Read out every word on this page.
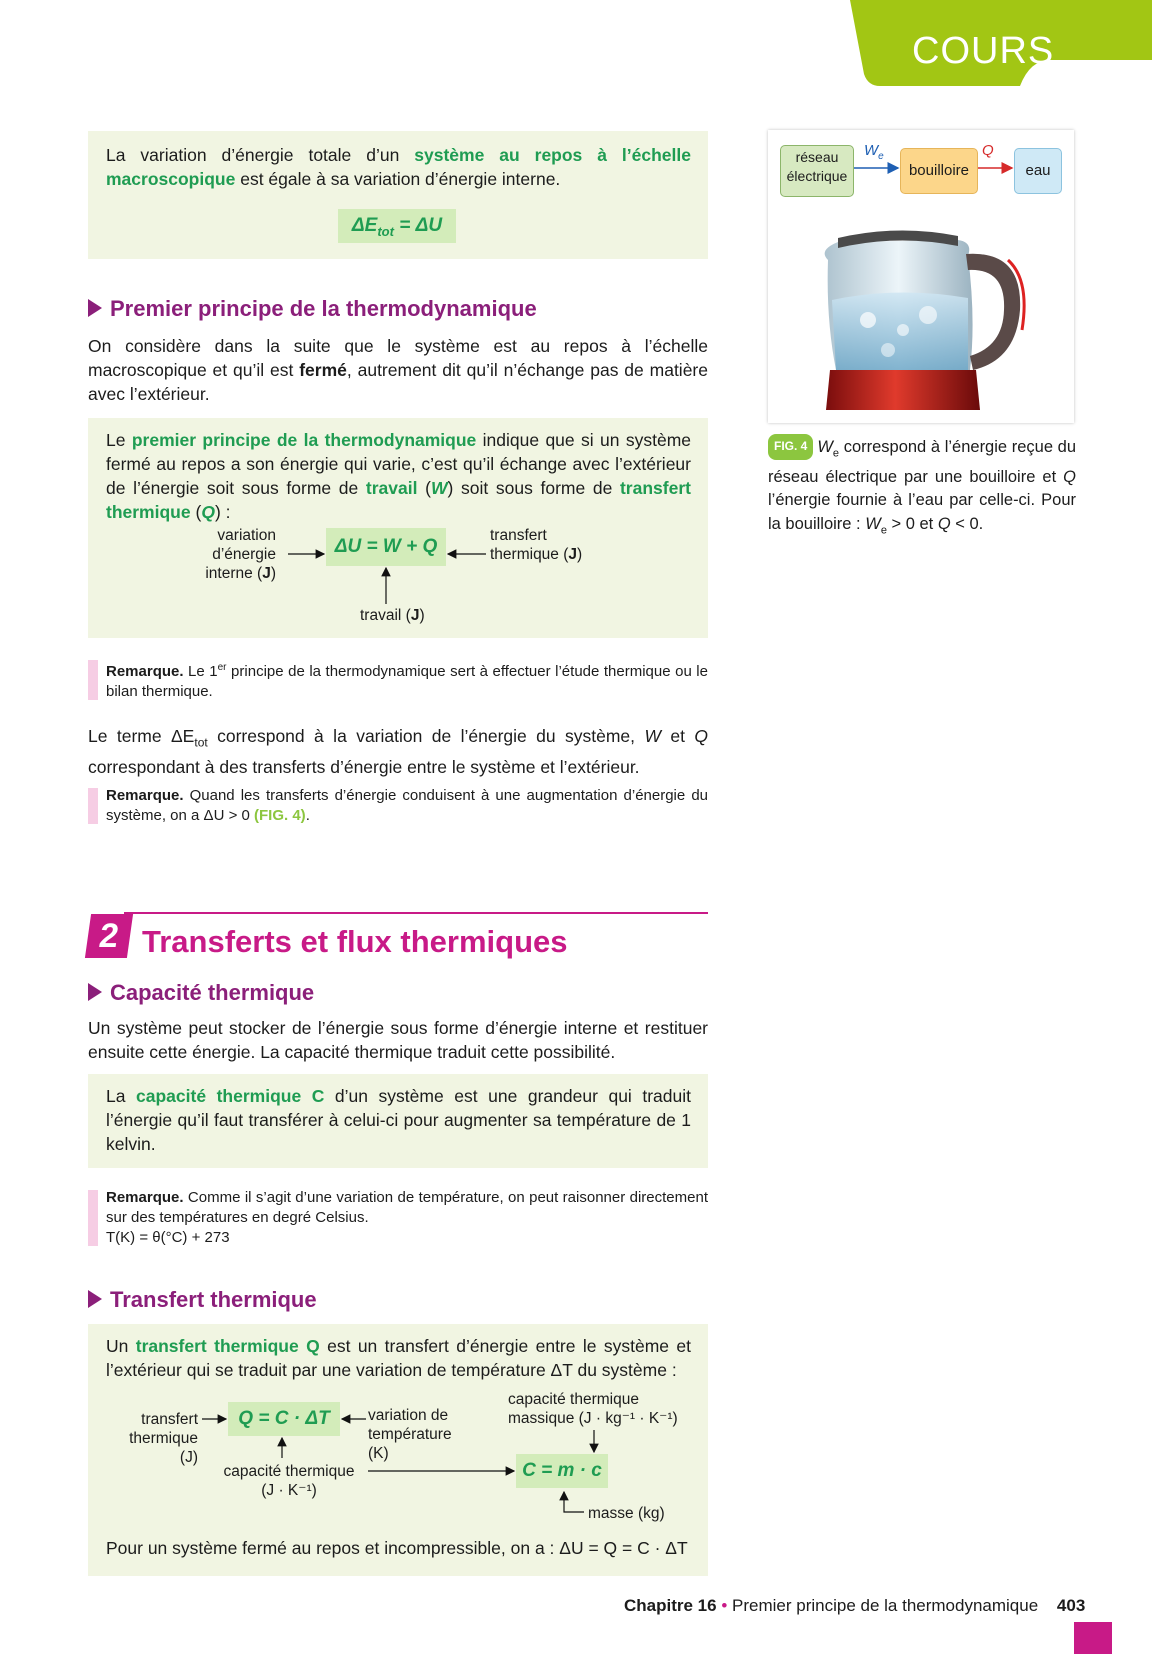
COURS
La variation d’énergie totale d’un système au repos à l’échelle macroscopique est égale à sa variation d’énergie interne.
$\Delta E_{tot} = \Delta U$
Premier principe de la thermodynamique
On considère dans la suite que le système est au repos à l’échelle macroscopique et qu’il est fermé, autrement dit qu’il n’échange pas de matière avec l’extérieur.
Le premier principe de la thermodynamique indique que si un système fermé au repos a son énergie qui varie, c’est qu’il échange avec l’extérieur de l’énergie soit sous forme de travail (W) soit sous forme de transfert thermique (Q) :
ΔU = W + Q
variation
d’énergie
interne (J)
transfert
thermique (J)
travail (J)
Remarque. Le 1er principe de la thermodynamique sert à effectuer l’étude thermique ou le bilan thermique.
Le terme $\Delta E_{tot}$ correspond à la variation de l’énergie du système, W et Q correspondant à des transferts d’énergie entre le système et l’extérieur.
Remarque. Quand les transferts d’énergie conduisent à une augmentation d’énergie du système, on a ΔU > 0 (FIG. 4).
réseau
électrique
$W_e$
bouilloire
Q
eau
FIG. 4 $W_e$ correspond à l’énergie reçue du réseau électrique par une bouilloire et Q l’énergie fournie à l’eau par celle-ci. Pour la bouilloire : $W_e > 0$ et Q < 0.
2 Transferts et flux thermiques
Capacité thermique
Un système peut stocker de l’énergie sous forme d’énergie interne et restituer ensuite cette énergie. La capacité thermique traduit cette possibilité.
La capacité thermique C d’un système est une grandeur qui traduit l’énergie qu’il faut transférer à celui-ci pour augmenter sa température de 1 kelvin.
Remarque. Comme il s’agit d’une variation de température, on peut raisonner directement sur des températures en degré Celsius.
T(K) = θ(°C) + 273
Transfert thermique
Un transfert thermique Q est un transfert d’énergie entre le système et l’extérieur qui se traduit par une variation de température ΔT du système :
Q = C · ΔT
C = m · c
transfert
thermique
(J)
variation de
température
(K)
capacité thermique
(J · K⁻¹)
capacité thermique
massique (J · kg⁻¹ · K⁻¹)
masse (kg)
Pour un système fermé au repos et incompressible, on a : ΔU = Q = C · ΔT
Chapitre 16 • Premier principe de la thermodynamique 403
